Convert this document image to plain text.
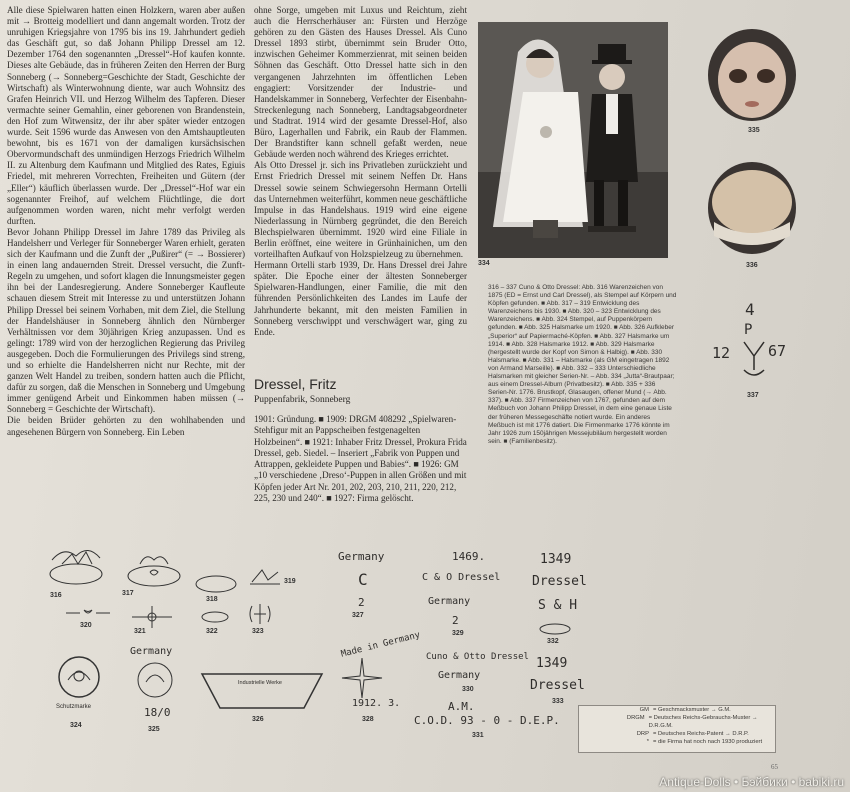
Alle diese Spielwaren hatten einen Holzkern, waren aber außen mit → Brotteig modelliert und dann angemalt worden. Trotz der unruhigen Kriegsjahre von 1795 bis ins 19. Jahrhundert gedieh das Geschäft gut, so daß Johann Philipp Dressel am 12. Dezember 1764 den sogenannten „Dressel“-Hof kaufen konnte. Dieses alte Gebäude, das in früheren Zeiten den Herren der Burg Sonneberg (→ Sonneberg=Geschichte der Stadt, Geschichte der Wirtschaft) als Winterwohnung diente, war auch Wohnsitz des Grafen Heinrich VII. und Herzog Wilhelm des Tapferen. Dieser vermachte seiner Gemahlin, einer geborenen von Brandenstein, den Hof zum Witwensitz, der ihr aber später wieder entzogen wurde. Seit 1596 wurde das Anwesen von den Amtshauptleuten bewohnt, bis es 1671 von der damaligen kursächsischen Obervormundschaft des unmündigen Herzogs Friedrich Wilhelm II. zu Altenburg dem Kaufmann und Mitglied des Rates, Egiuis Friedel, mit mehreren Vorrechten, Freiheiten und Gütern (der „Eller“) käuflich überlassen wurde. Der „Dressel“-Hof war ein sogenannter Freihof, auf welchem Flüchtlinge, die dort aufgenommen worden waren, nicht mehr verfolgt werden durften.

Bevor Johann Philipp Dressel im Jahre 1789 das Privileg als Handelsherr und Verleger für Sonneberger Waren erhielt, geraten sich der Kaufmann und die Zunft der „Pußirer“ (= → Bossierer) in einen lang andauernden Streit. Dressel versucht, die Zunft-Regeln zu umgehen, und sofort klagen die Innungsmeister gegen ihn bei der Landesregierung. Andere Sonneberger Kaufleute schauen diesem Streit mit Interesse zu und unterstützen Johann Philipp Dressel bei seinem Vorhaben, mit dem Ziel, die Stellung der Handelshäuser in Sonneberg ähnlich den Nürnberger Verhältnissen vor dem 30jährigen Krieg anzupassen. Und es gelingt: 1789 wird von der herzoglichen Regierung das Privileg ausgegeben. Doch die Formulierungen des Privilegs sind streng, und so erhielte die Handelsherren nicht nur Rechte, mit der ganzen Welt Handel zu treiben, sondern hatten auch die Pflicht, dafür zu sorgen, daß die Menschen in Sonneberg und Umgebung immer genügend Arbeit und Einkommen haben müssen (→ Sonneberg = Geschichte der Wirtschaft).

Die beiden Brüder gehörten zu den wohlhabenden und angesehenen Bürgern von Sonneberg. Ein Leben

ohne Sorge, umgeben mit Luxus und Reichtum, zieht auch die Herrscherhäuser an: Fürsten und Herzöge gehören zu den Gästen des Hauses Dressel. Als Cuno Dressel 1893 stirbt, übernimmt sein Bruder Otto, inzwischen Geheimer Kommerzienrat, mit seinen beiden Söhnen das Geschäft. Otto Dressel hatte sich in den vergangenen Jahrzehnten im öffentlichen Leben engagiert: Vorsitzender der Industrie- und Handelskammer in Sonneberg, Verfechter der Eisenbahn-Streckenlegung nach Sonneberg, Landtagsabgeordneter und Stadtrat. 1914 wird der gesamte Dressel-Hof, also Büro, Lagerhallen und Fabrik, ein Raub der Flammen. Der Brandstifter kann schnell gefaßt werden, neue Gebäude werden noch während des Krieges errichtet.

Als Otto Dressel jr. sich ins Privatleben zurückzieht und Ernst Friedrich Dressel mit seinem Neffen Dr. Hans Dressel sowie seinem Schwiegersohn Hermann Ortelli das Unternehmen weiterführt, kommen neue geschäftliche Impulse in das Handelshaus. 1919 wird eine eigene Niederlassung in Nürnberg gegründet, die den Bereich Blechspielwaren übernimmt. 1920 wird eine Filiale in Berlin eröffnet, eine weitere in Grünhainichen, um den vorteilhaften Aufkauf von Holzspielzeug zu übernehmen.

Hermann Ortelli starb 1939, Dr. Hans Dressel drei Jahre später. Die Epoche einer der ältesten Sonneberger Spielwaren-Handlungen, einer Familie, die mit den führenden Persönlichkeiten des Landes im Laufe der Jahrhunderte bekannt, mit den meisten Familien in Sonneberg verschwippt und verschwägert war, ging zu Ende.

Dressel, Fritz
Puppenfabrik, Sonneberg
1901: Gründung. ■ 1909: DRGM 408292 „Spielwaren-Stehfigur mit an Pappscheiben festgenagelten Holzbeinen“. ■ 1921: Inhaber Fritz Dressel, Prokura Frida Dressel, geb. Siedel. – Inseriert „Fabrik von Puppen und Attrappen, gekleidete Puppen und Babies“. ■ 1926: GM „10 verschiedene ‚Dreso‘-Puppen in allen Größen und mit Köpfen jeder Art Nr. 201, 202, 203, 210, 211, 220, 212, 225, 230 und 240“. ■ 1927: Firma gelöscht.
334
335
336
316 – 337 Cuno & Otto Dressel: Abb. 316 Warenzeichen von 1875 (ED = Ernst und Carl Dressel), als Stempel auf Körpern und Köpfen gefunden. ■ Abb. 317 – 319 Entwicklung des Warenzeichens bis 1930. ■ Abb. 320 – 323 Entwicklung des Warenzeichens. ■ Abb. 324 Stempel, auf Puppenkörpern gefunden. ■ Abb. 325 Halsmarke um 1920. ■ Abb. 326 Aufkleber „Superior“ auf Papiermaché-Köpfen. ■ Abb. 327 Halsmarke um 1914. ■ Abb. 328 Halsmarke 1912. ■ Abb. 329 Halsmarke (hergestellt wurde der Kopf von Simon & Halbig). ■ Abb. 330 Halsmarke. ■ Abb. 331 – Halsmarke (als GM eingetragen 1892 von Armand Marseille). ■ Abb. 332 – 333 Unterschiedliche Halsmarken mit gleicher Serien-Nr. – Abb. 334 „Jutta“-Brautpaar; aus einem Dressel-Album (Privatbesitz). ■ Abb. 335 + 336 Serien-Nr. 1776. Brustkopf, Glasaugen, offener Mund (→ Abb. 337). ■ Abb. 337 Firmenzeichen von 1767, gefunden auf dem Meßbuch von Johann Philipp Dressel, in dem eine genaue Liste der früheren Messegeschäfte notiert wurde. Ein anderes Meßbuch ist mit 1776 datiert. Die Firmenmarke 1776 könnte im Jahr 1926 zum 150jährigen Messejubiläum hergestellt worden sein. ■ (Familienbesitz).
4
P
12	67
337
316	317
318
319
320
321	322	323
Germany
C
2
327
1469.
C & O Dressel
Germany
2
329
1349
Dressel
S & H
332
Schutzmarke
324
Germany
18/0
325
Industrielle Werke
326
Made in Germany
1912. 3.
328
Cuno & Otto Dressel
Germany
330
A.M.
C.O.D. 93 - 0 - D.E.P.
331
1349
Dressel
333
GM = Geschmacksmuster → G.M.
DRGM = Deutsches Reichs-Gebrauchs-Muster → D.R.G.M.
DRP = Deutsches Reichs-Patent → D.R.P.
* = die Firma hat noch nach 1930 produziert
65
Antique-Dolls • Бэйбики • babiki.ru
